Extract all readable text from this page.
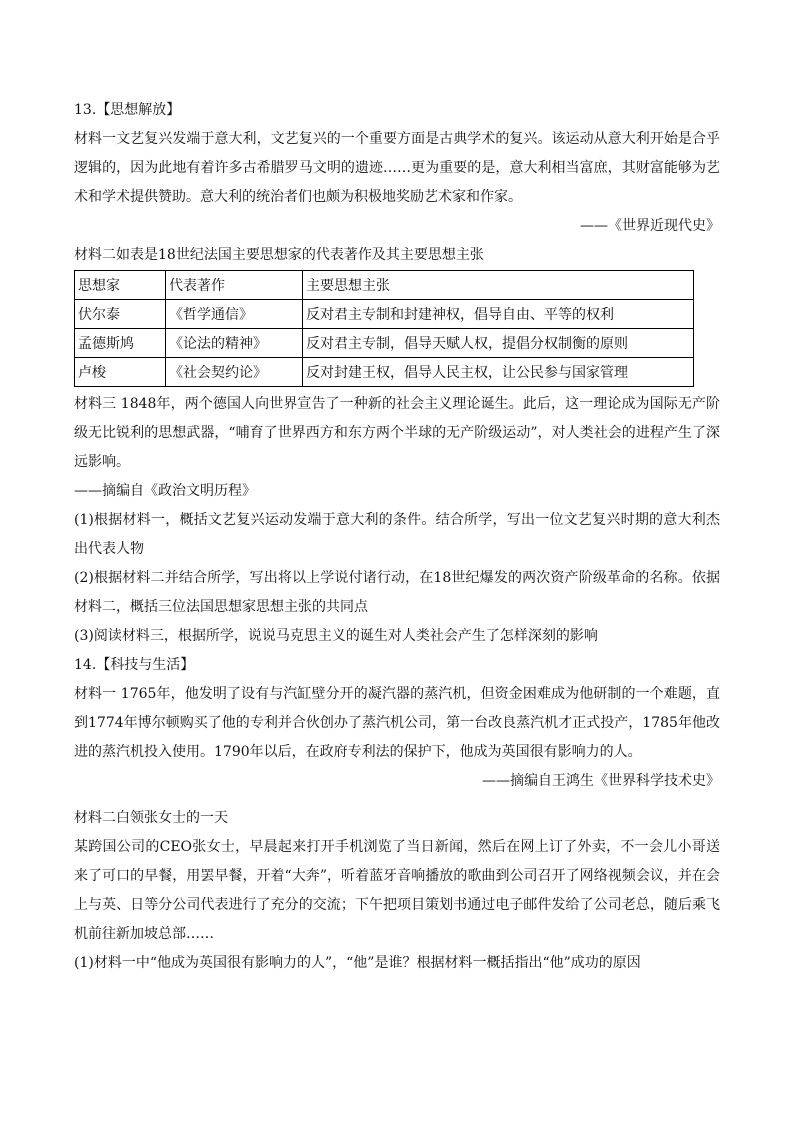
13.【思想解放】

材料一文艺复兴发端于意大利，文艺复兴的一个重要方面是古典学术的复兴。该运动从意大利开始是合乎逻辑的，因为此地有着许多古希腊罗马文明的遗迹……更为重要的是，意大利相当富庶，其财富能够为艺术和学术提供赞助。意大利的统治者们也颇为积极地奖励艺术家和作家。

——《世界近现代史》

材料二如表是18世纪法国主要思想家的代表著作及其主要思想主张

思想家	代表著作	主要思想主张
伏尔泰	《哲学通信》	反对君主专制和封建神权，倡导自由、平等的权利
孟德斯鸠	《论法的精神》	反对君主专制，倡导天赋人权，提倡分权制衡的原则
卢梭	《社会契约论》	反对封建王权，倡导人民主权，让公民参与国家管理

材料三 1848年，两个德国人向世界宣告了一种新的社会主义理论诞生。此后，这一理论成为国际无产阶级无比锐利的思想武器，“哺育了世界西方和东方两个半球的无产阶级运动”，对人类社会的进程产生了深远影响。

——摘编自《政治文明历程》

(1)根据材料一，概括文艺复兴运动发端于意大利的条件。结合所学，写出一位文艺复兴时期的意大利杰出代表人物

(2)根据材料二并结合所学，写出将以上学说付诸行动，在18世纪爆发的两次资产阶级革命的名称。依据材料二，概括三位法国思想家思想主张的共同点

(3)阅读材料三，根据所学，说说马克思主义的诞生对人类社会产生了怎样深刻的影响

14.【科技与生活】

材料一 1765年，他发明了设有与汽缸壁分开的凝汽器的蒸汽机，但资金困难成为他研制的一个难题，直到1774年博尔顿购买了他的专利并合伙创办了蒸汽机公司，第一台改良蒸汽机才正式投产，1785年他改进的蒸汽机投入使用。1790年以后，在政府专利法的保护下，他成为英国很有影响力的人。

——摘编自王鸿生《世界科学技术史》

材料二白领张女士的一天

某跨国公司的CEO张女士，早晨起来打开手机浏览了当日新闻，然后在网上订了外卖，不一会儿小哥送来了可口的早餐，用罢早餐，开着“大奔”，听着蓝牙音响播放的歌曲到公司召开了网络视频会议，并在会上与英、日等分公司代表进行了充分的交流；下午把项目策划书通过电子邮件发给了公司老总，随后乘飞机前往新加坡总部……

(1)材料一中“他成为英国很有影响力的人”，“他”是谁？根据材料一概括指出“他”成功的原因
